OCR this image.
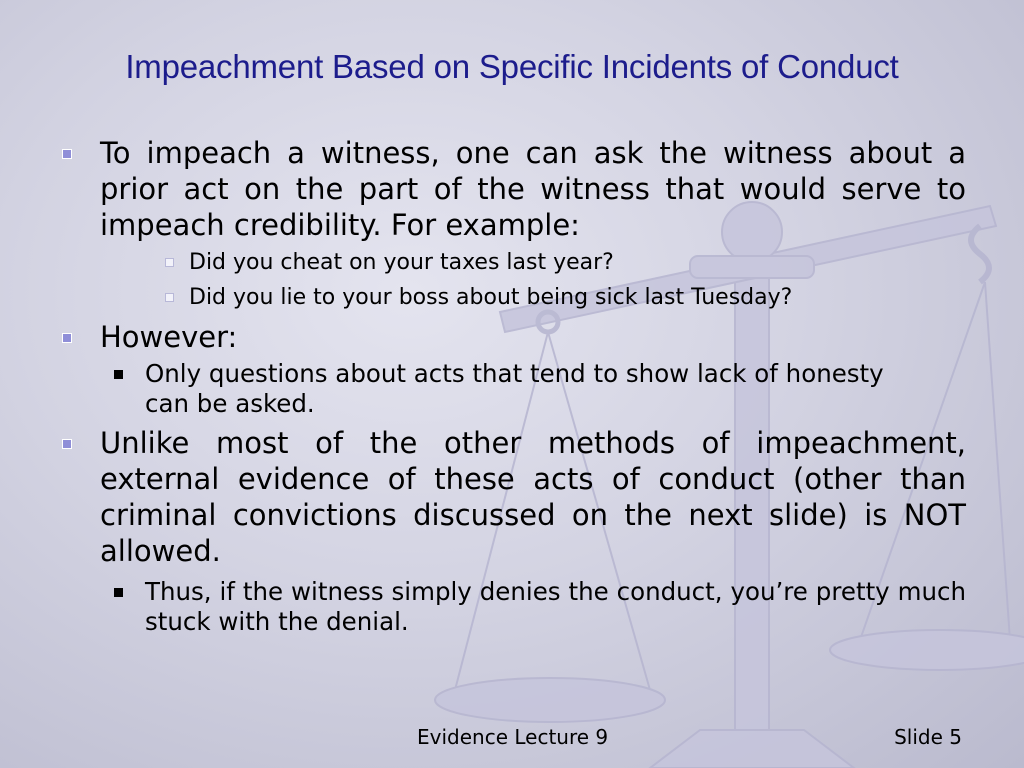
Impeachment Based on Specific Incidents of Conduct
To impeach a witness, one can ask the witness about a prior act on the part of the witness that would serve to impeach credibility. For example:
Did you cheat on your taxes last year?
Did you lie to your boss about being sick last Tuesday?
However:
Only questions about acts that tend to show lack of honesty can be asked.
Unlike most of the other methods of impeachment, external evidence of these acts of conduct (other than criminal convictions discussed on the next slide) is NOT allowed.
Thus, if the witness simply denies the conduct, you’re pretty much stuck with the denial.
Evidence Lecture 9	Slide 5
